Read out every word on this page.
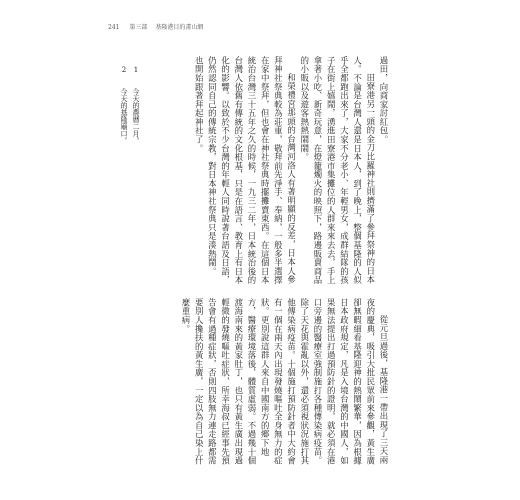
241 第三部 基隆港目的畫山網

過田，向商家討紅包。

田寮港另一頭的金刀比羅神社則擠滿了參拜祭神的日本人。不論是台灣人還是日本人，到了晚上，整個基隆的人似乎全都跑出來了，大家不分老小、年輕男女，成群結隊的孩子在街上嬉鬧，湧進田寮港市集攤位的人群來來去去，手上拿著小吃、新奇玩意，在燈籠燭火的映照下，路邊販賣商品的小販以及遊客熱熱鬧鬧。

和榮禮宮那頭的台灣河洛人有著明顯的反差，日本人參拜神社祭典較為莊重，敬拜前先淨手、奉納，一般多半選擇在家中祭拜，但也會在神社祭典時擺攤賣東西。在這個日本統治台灣三十五年之久的時候，一九三二年，日本統治後的台灣人依舊有傳統的文化根基，只是在語言、教育上有日本化的影響。以致於不少台灣的年輕人同時說著台語及日語，仍然認同自己的傳統宗教，對日本神社祭典只是湊熱鬧。

也開始跟著拜起神社了。

從元旦過後，基隆港一帶出現了三天兩夜的慶典，吸引大批民眾前來參觀，黃生廣卻無暇細看基隆迎神的熱鬧繁華，因為根據日本政府規定，凡是入境台灣的中國人，如果無法提出打過預防針的證明，就必須在港口旁邊的醫療室強制施打各種傳染病疫苗。除了天花與霍亂以外，還必須視狀況施打其他傳染病疫苗。十個施打預防針者中大約會有一個在兩天內出現發燒嘔吐全身無力的症狀。更別說這群人來自中國南方的鄉下地方，醫療環境落後，體質虛弱。不過幾十個渡海南來的黃家肚丁，也只有黃生廣出現過輕微的發燒嘔吐症狀，所幸海叔已經事先預告會有過種症狀，否則四肢無力連走路都需要別人攙扶的黃生廣，一定以為自己染上什麼重病。

1 今天的農曆二月。
2 今天的基隆廟口。
